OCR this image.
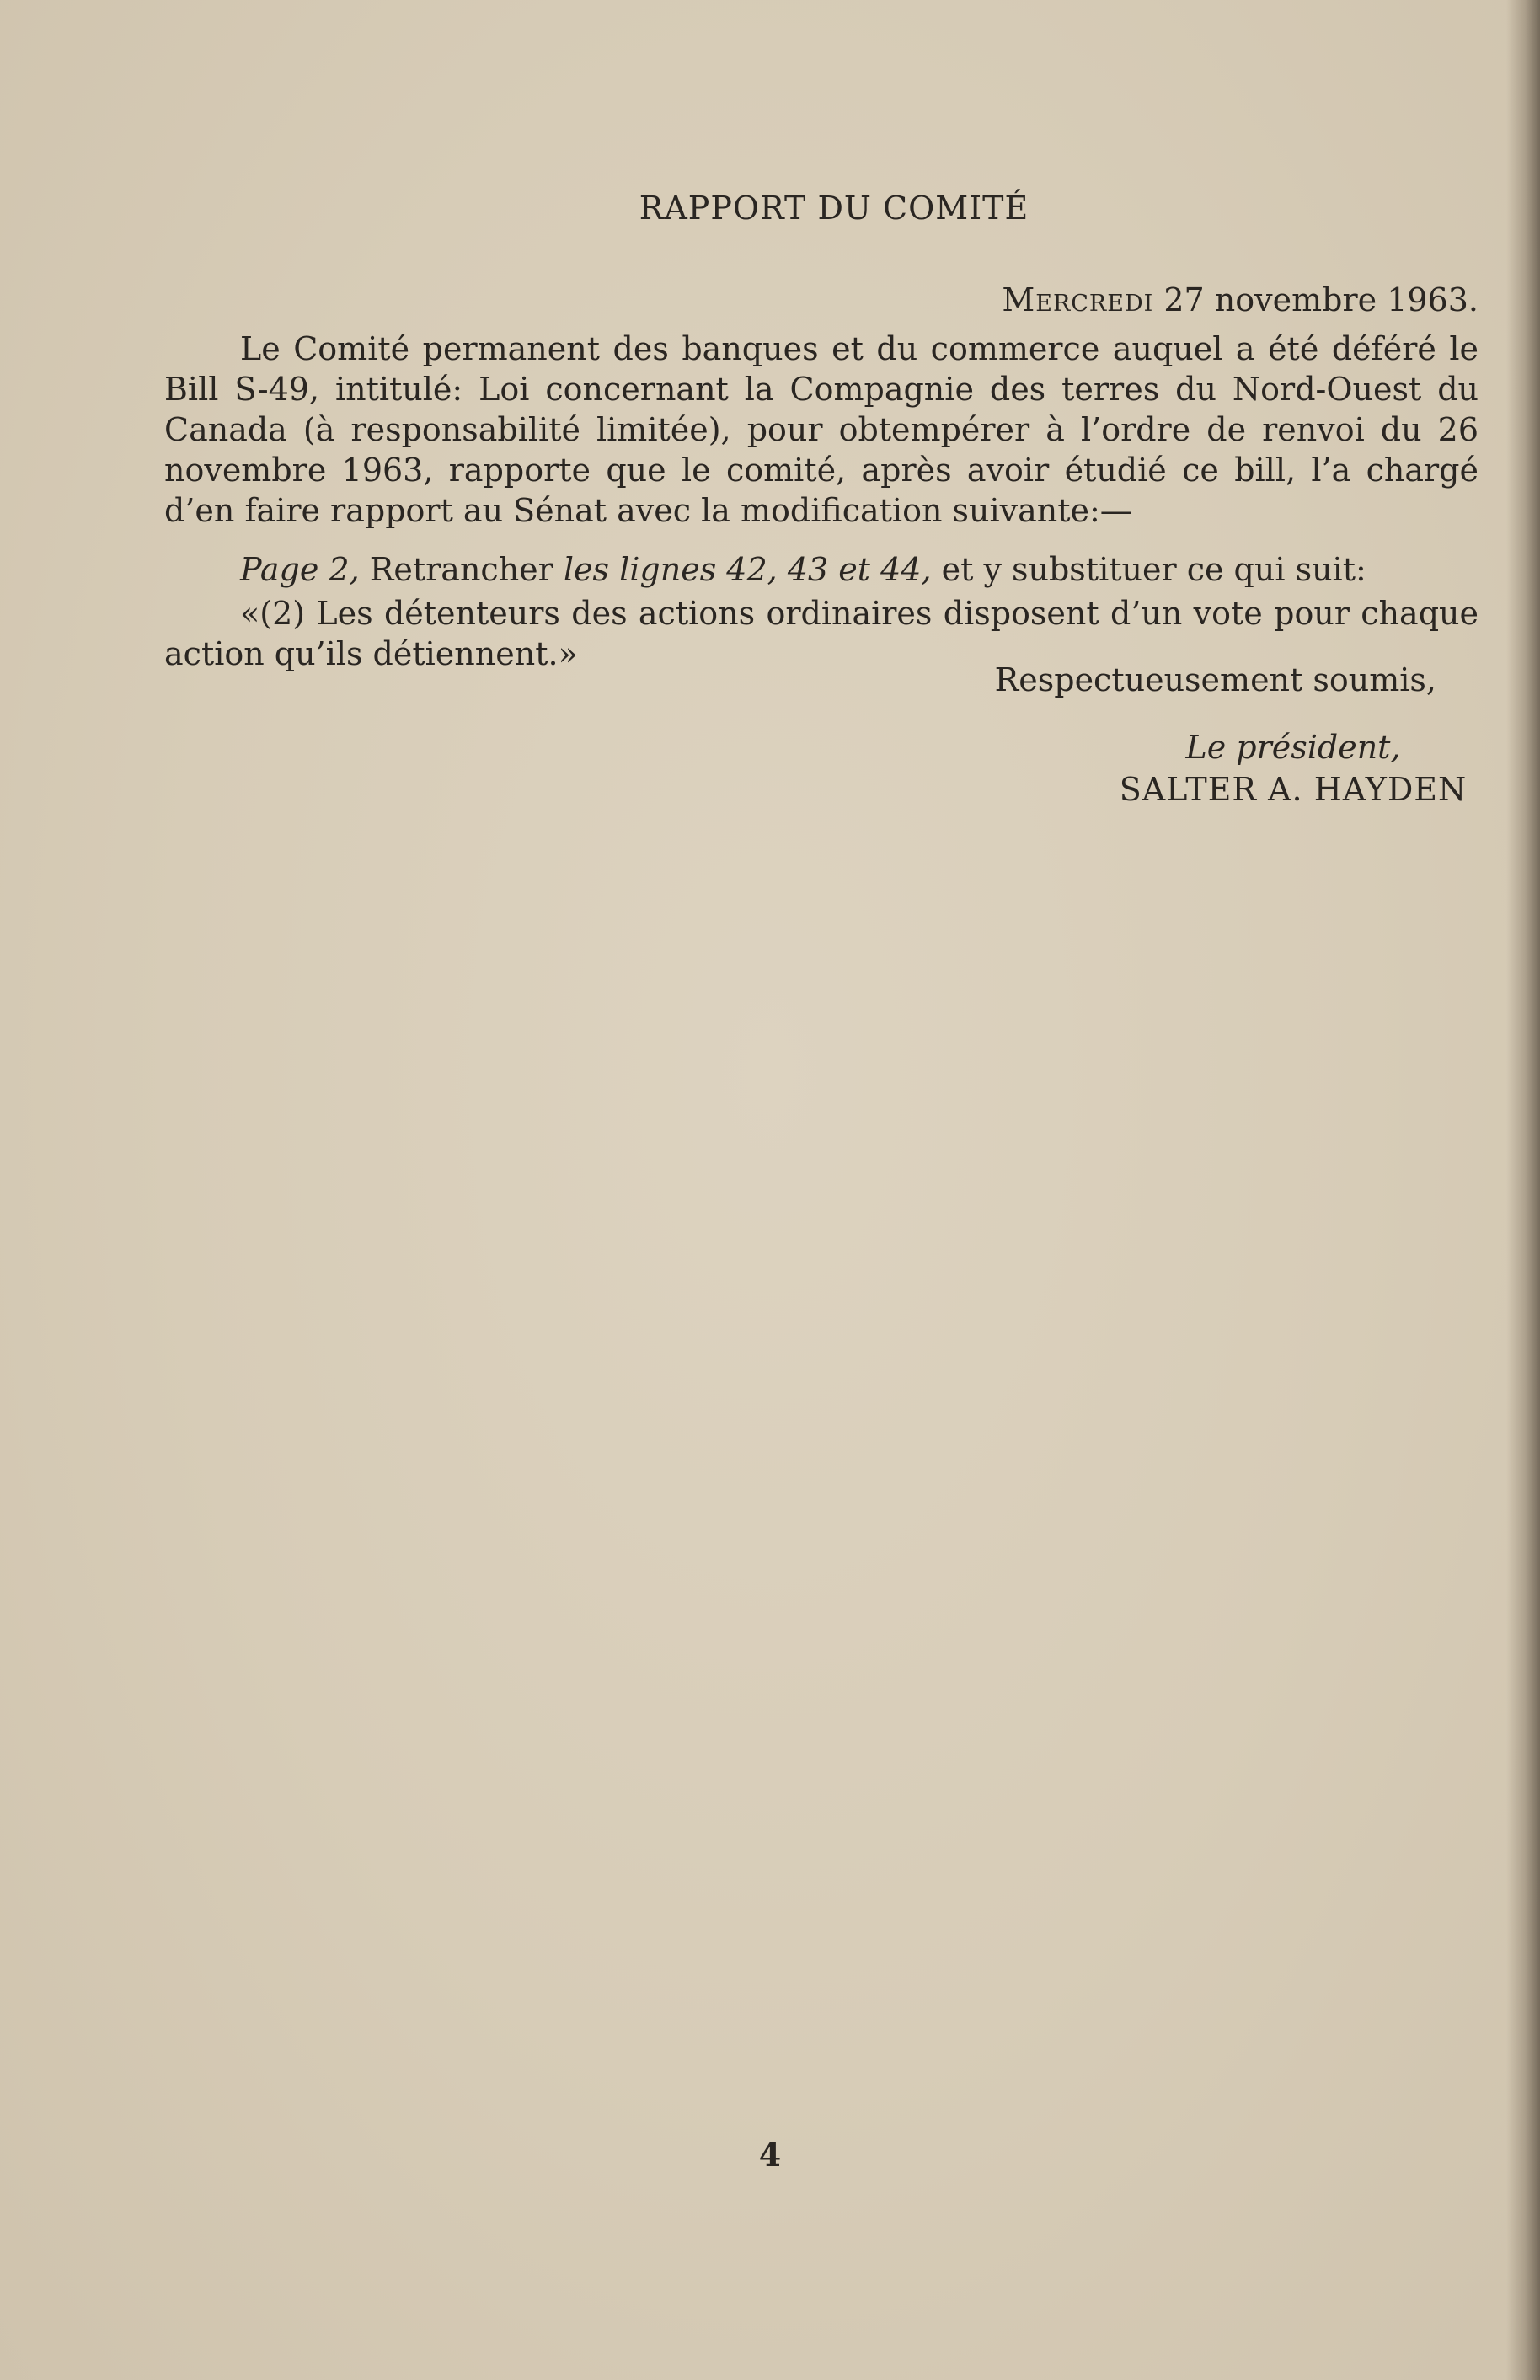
RAPPORT DU COMITÉ

Mercredi 27 novembre 1963.

Le Comité permanent des banques et du commerce auquel a été déféré le Bill S-49, intitulé: Loi concernant la Compagnie des terres du Nord-Ouest du Canada (à responsabilité limitée), pour obtempérer à l’ordre de renvoi du 26 novembre 1963, rapporte que le comité, après avoir étudié ce bill, l’a chargé d’en faire rapport au Sénat avec la modification suivante:—

Page 2, Retrancher les lignes 42, 43 et 44, et y substituer ce qui suit:

«(2) Les détenteurs des actions ordinaires disposent d’un vote pour chaque action qu’ils détiennent.»

Respectueusement soumis,
Le président,
SALTER A. HAYDEN
4
